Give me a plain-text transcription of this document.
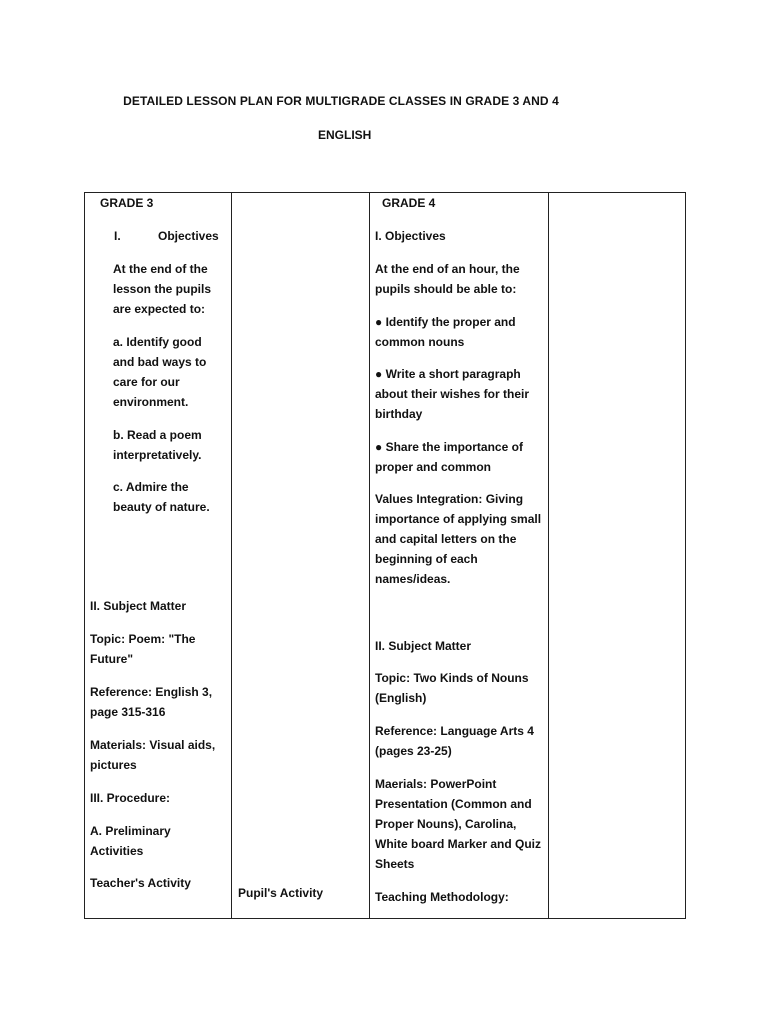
DETAILED LESSON PLAN FOR MULTIGRADE CLASSES IN GRADE 3 AND 4
ENGLISH
GRADE 3
I.	Objectives
At the end of the lesson the pupils are expected to:
a. Identify good and bad ways to care for our environment.
b. Read a poem interpretatively.
c. Admire the beauty of nature.
II. Subject Matter
Topic: Poem: "The Future"
Reference: English 3, page 315-316
Materials: Visual aids, pictures
III. Procedure:
A. Preliminary Activities
Teacher's Activity

Pupil's Activity

GRADE 4
I. Objectives
At the end of an hour, the pupils should be able to:
● Identify the proper and common nouns
● Write a short paragraph about their wishes for their birthday
● Share the importance of proper and common
Values Integration: Giving importance of applying small and capital letters on the beginning of each names/ideas.
II. Subject Matter
Topic: Two Kinds of Nouns (English)
Reference: Language Arts 4 (pages 23-25)
Maerials: PowerPoint Presentation (Common and Proper Nouns), Carolina, White board Marker and Quiz Sheets
Teaching Methodology:
